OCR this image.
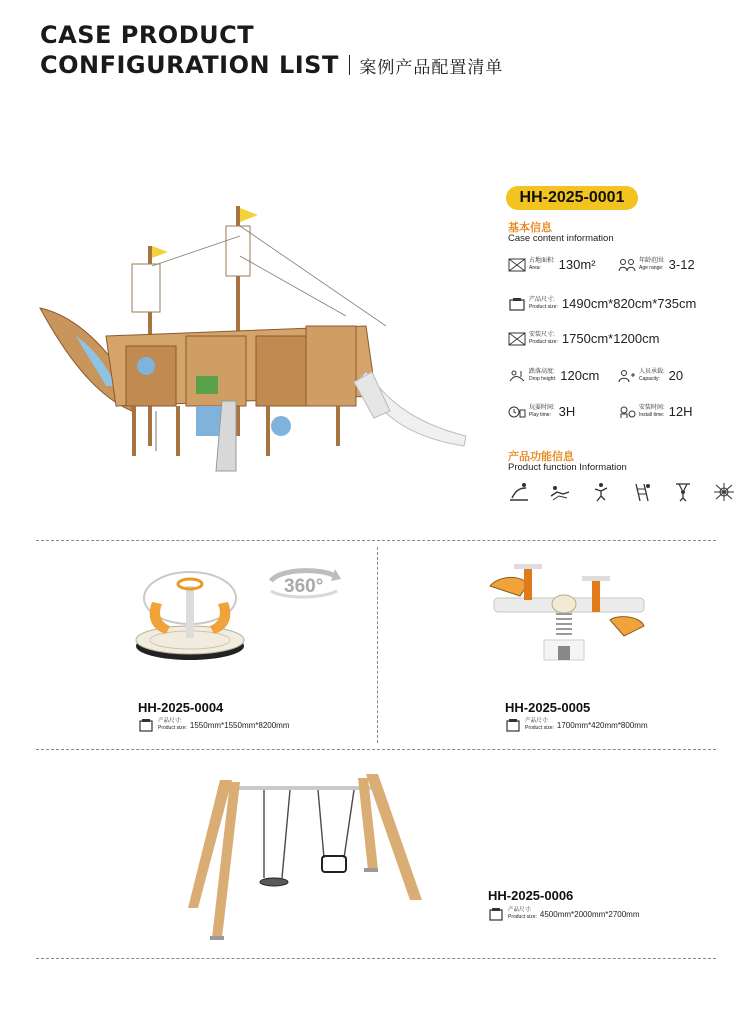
CASE PRODUCT
CONFIGURATION LIST 案例产品配置清单
HH-2025-0001
基本信息
Case content information
占地面积:
Area:	130m²	年龄范围:
Age range: 3-12
产品尺寸:
Product size: 1490cm*820cm*735cm
安装尺寸:
Product size: 1750cm*1200cm
跌落高度:
Drop height: 120cm	人员承载:
Capacity: 20
玩耍时间:
Play time: 3H	安装时间:
Install time: 12H
产品功能信息
Product function Information
360°
HH-2025-0004
产品尺寸:
Product size: 1550mm*1550mm*8200mm
HH-2025-0005
产品尺寸:
Product size: 1700mm*420mm*800mm
HH-2025-0006
产品尺寸:
Product size: 4500mm*2000mm*2700mm
